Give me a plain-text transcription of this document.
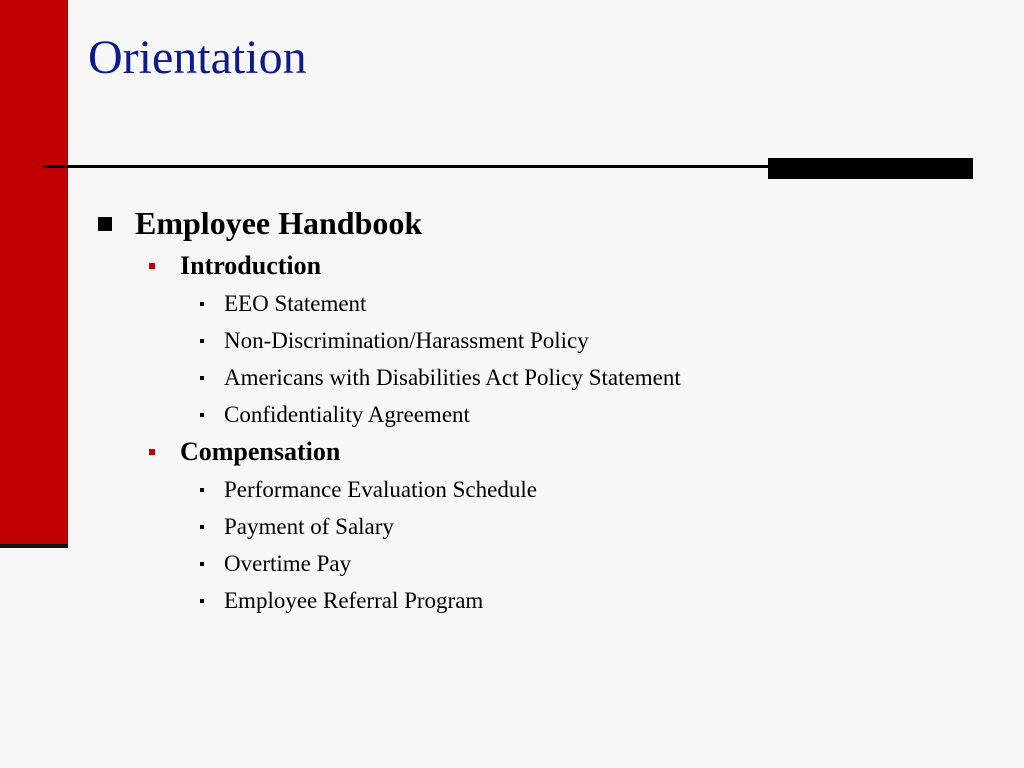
Orientation
Employee Handbook
Introduction
EEO Statement
Non-Discrimination/Harassment Policy
Americans with Disabilities Act Policy Statement
Confidentiality Agreement
Compensation
Performance Evaluation Schedule
Payment of Salary
Overtime Pay
Employee Referral Program
